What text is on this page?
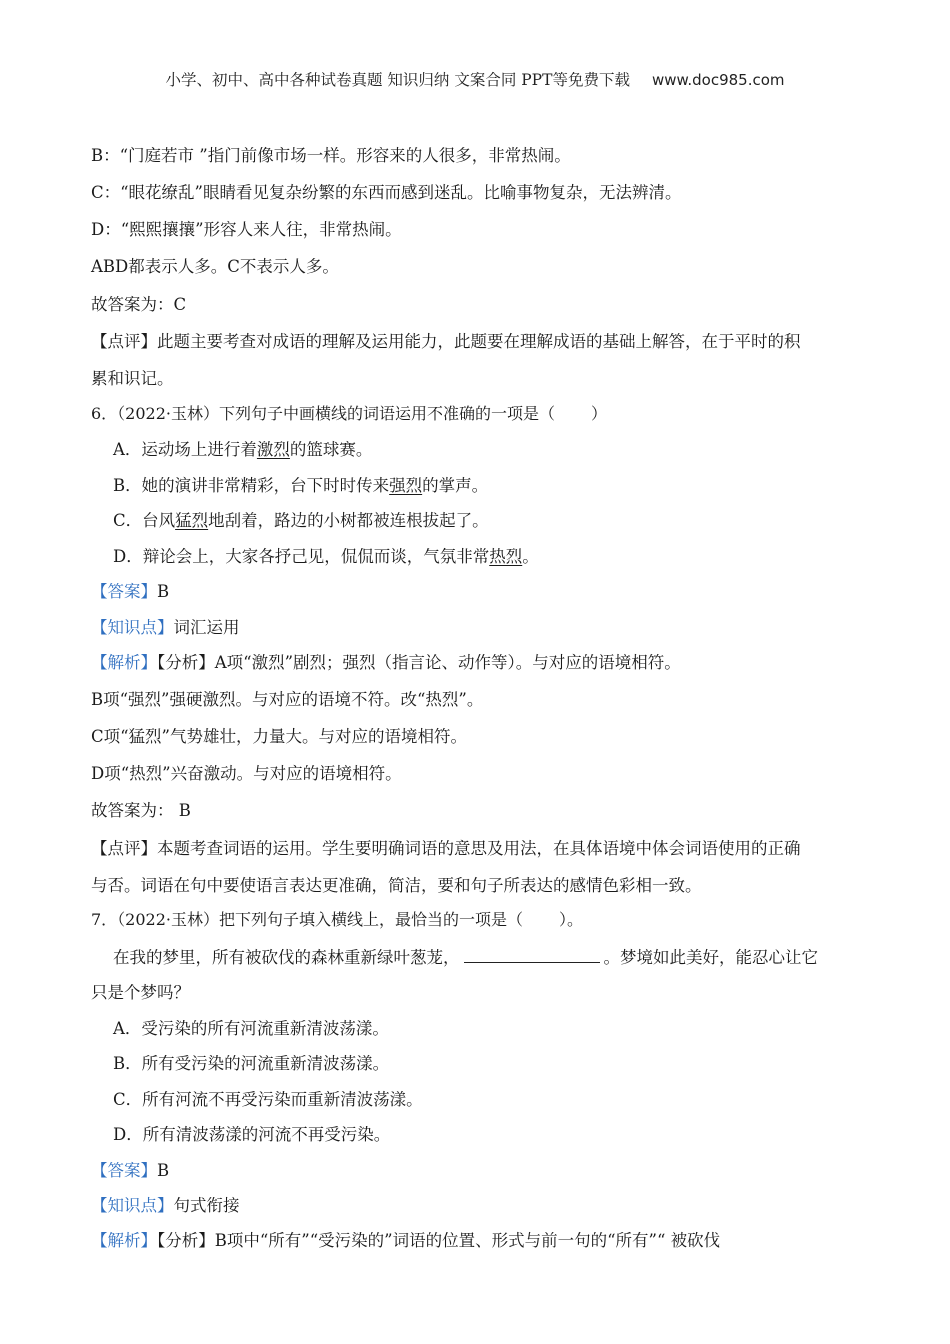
小学、初中、高中各种试卷真题 知识归纳 文案合同 PPT等免费下载 www.doc985.com
B：“门庭若市 ”指门前像市场一样。形容来的人很多，非常热闹。
C：“眼花缭乱”眼睛看见复杂纷繁的东西而感到迷乱。比喻事物复杂，无法辨清。
D：“熙熙攘攘”形容人来人往，非常热闹。
ABD都表示人多。C不表示人多。
故答案为：C
【点评】此题主要考查对成语的理解及运用能力，此题要在理解成语的基础上解答，在于平时的积
累和识记。
6．（2022·玉林）下列句子中画横线的词语运用不准确的一项是（ ）
A．运动场上进行着激烈的篮球赛。
B．她的演讲非常精彩，台下时时传来强烈的掌声。
C．台风猛烈地刮着，路边的小树都被连根拔起了。
D．辩论会上，大家各抒己见，侃侃而谈，气氛非常热烈。
【答案】B
【知识点】词汇运用
【解析】【分析】A项“激烈”剧烈；强烈（指言论、动作等）。与对应的语境相符。
B项“强烈”强硬激烈。与对应的语境不符。改“热烈”。
C项“猛烈”气势雄壮，力量大。与对应的语境相符。
D项“热烈”兴奋激动。与对应的语境相符。
故答案为： B
【点评】本题考查词语的运用。学生要明确词语的意思及用法，在具体语境中体会词语使用的正确
与否。词语在句中要使语言表达更准确，简洁，要和句子所表达的感情色彩相一致。
7．（2022·玉林）把下列句子填入横线上，最恰当的一项是（ ）。
在我的梦里，所有被砍伐的森林重新绿叶葱茏，	。梦境如此美好，能忍心让它
只是个梦吗？
A．受污染的所有河流重新清波荡漾。
B．所有受污染的河流重新清波荡漾。
C．所有河流不再受污染而重新清波荡漾。
D．所有清波荡漾的河流不再受污染。
【答案】B
【知识点】句式衔接
【解析】【分析】B项中“所有”“受污染的”词语的位置、形式与前一句的“所有”“ 被砍伐
